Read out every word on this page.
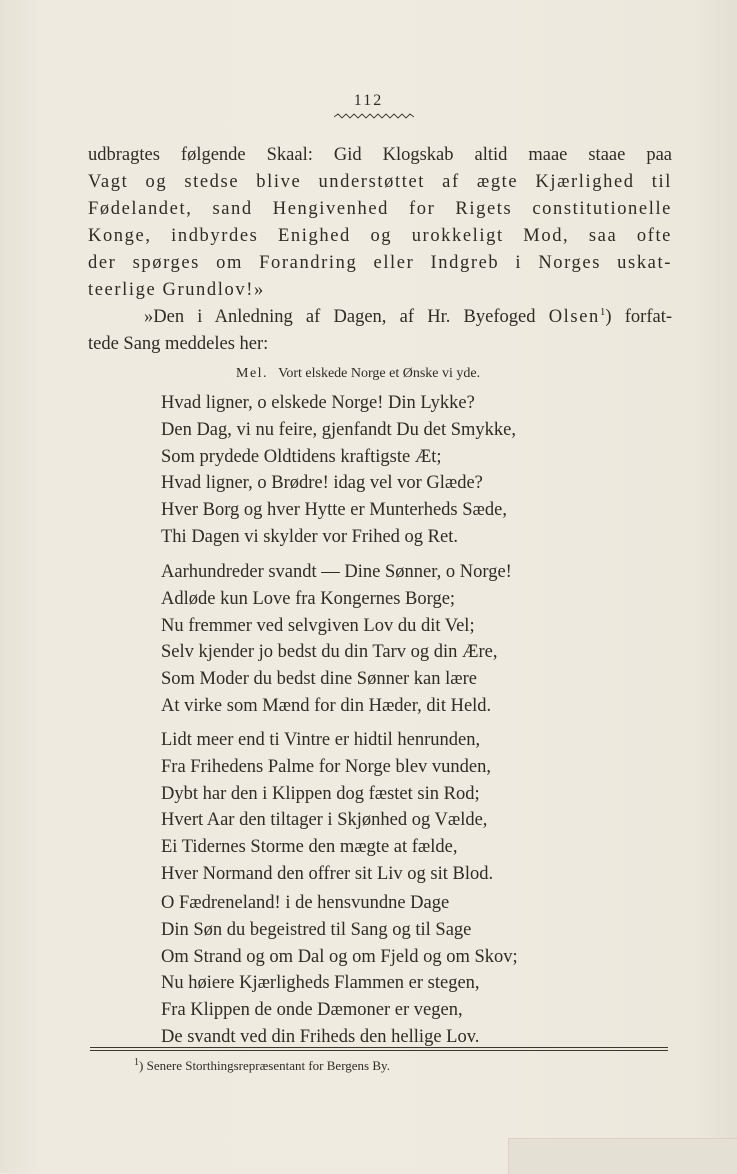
112
udbragtes følgende Skaal: Gid Klogskab altid maae staae paa
Vagt og stedse blive understøttet af ægte Kjærlighed til
Fødelandet, sand Hengivenhed for Rigets constitutionelle
Konge, indbyrdes Enighed og urokkeligt Mod, saa ofte
der spørges om Forandring eller Indgreb i Norges uskat-
teerlige Grundlov!»
»Den i Anledning af Dagen, af Hr. Byefoged Olsen$^1$) forfat-
tede Sang meddeles her:
Mel. Vort elskede Norge et Ønske vi yde.
Hvad ligner, o elskede Norge! Din Lykke?
Den Dag, vi nu feire, gjenfandt Du det Smykke,
Som prydede Oldtidens kraftigste Æt;
Hvad ligner, o Brødre! idag vel vor Glæde?
Hver Borg og hver Hytte er Munterheds Sæde,
Thi Dagen vi skylder vor Frihed og Ret.
Aarhundreder svandt — Dine Sønner, o Norge!
Adløde kun Love fra Kongernes Borge;
Nu fremmer ved selvgiven Lov du dit Vel;
Selv kjender jo bedst du din Tarv og din Ære,
Som Moder du bedst dine Sønner kan lære
At virke som Mænd for din Hæder, dit Held.
Lidt meer end ti Vintre er hidtil henrunden,
Fra Frihedens Palme for Norge blev vunden,
Dybt har den i Klippen dog fæstet sin Rod;
Hvert Aar den tiltager i Skjønhed og Vælde,
Ei Tidernes Storme den mægte at fælde,
Hver Normand den offrer sit Liv og sit Blod.
O Fædreneland! i de hensvundne Dage
Din Søn du begeistred til Sang og til Sage
Om Strand og om Dal og om Fjeld og om Skov;
Nu høiere Kjærligheds Flammen er stegen,
Fra Klippen de onde Dæmoner er vegen,
De svandt ved din Friheds den hellige Lov.
$^1$) Senere Storthingsrepræsentant for Bergens By.
